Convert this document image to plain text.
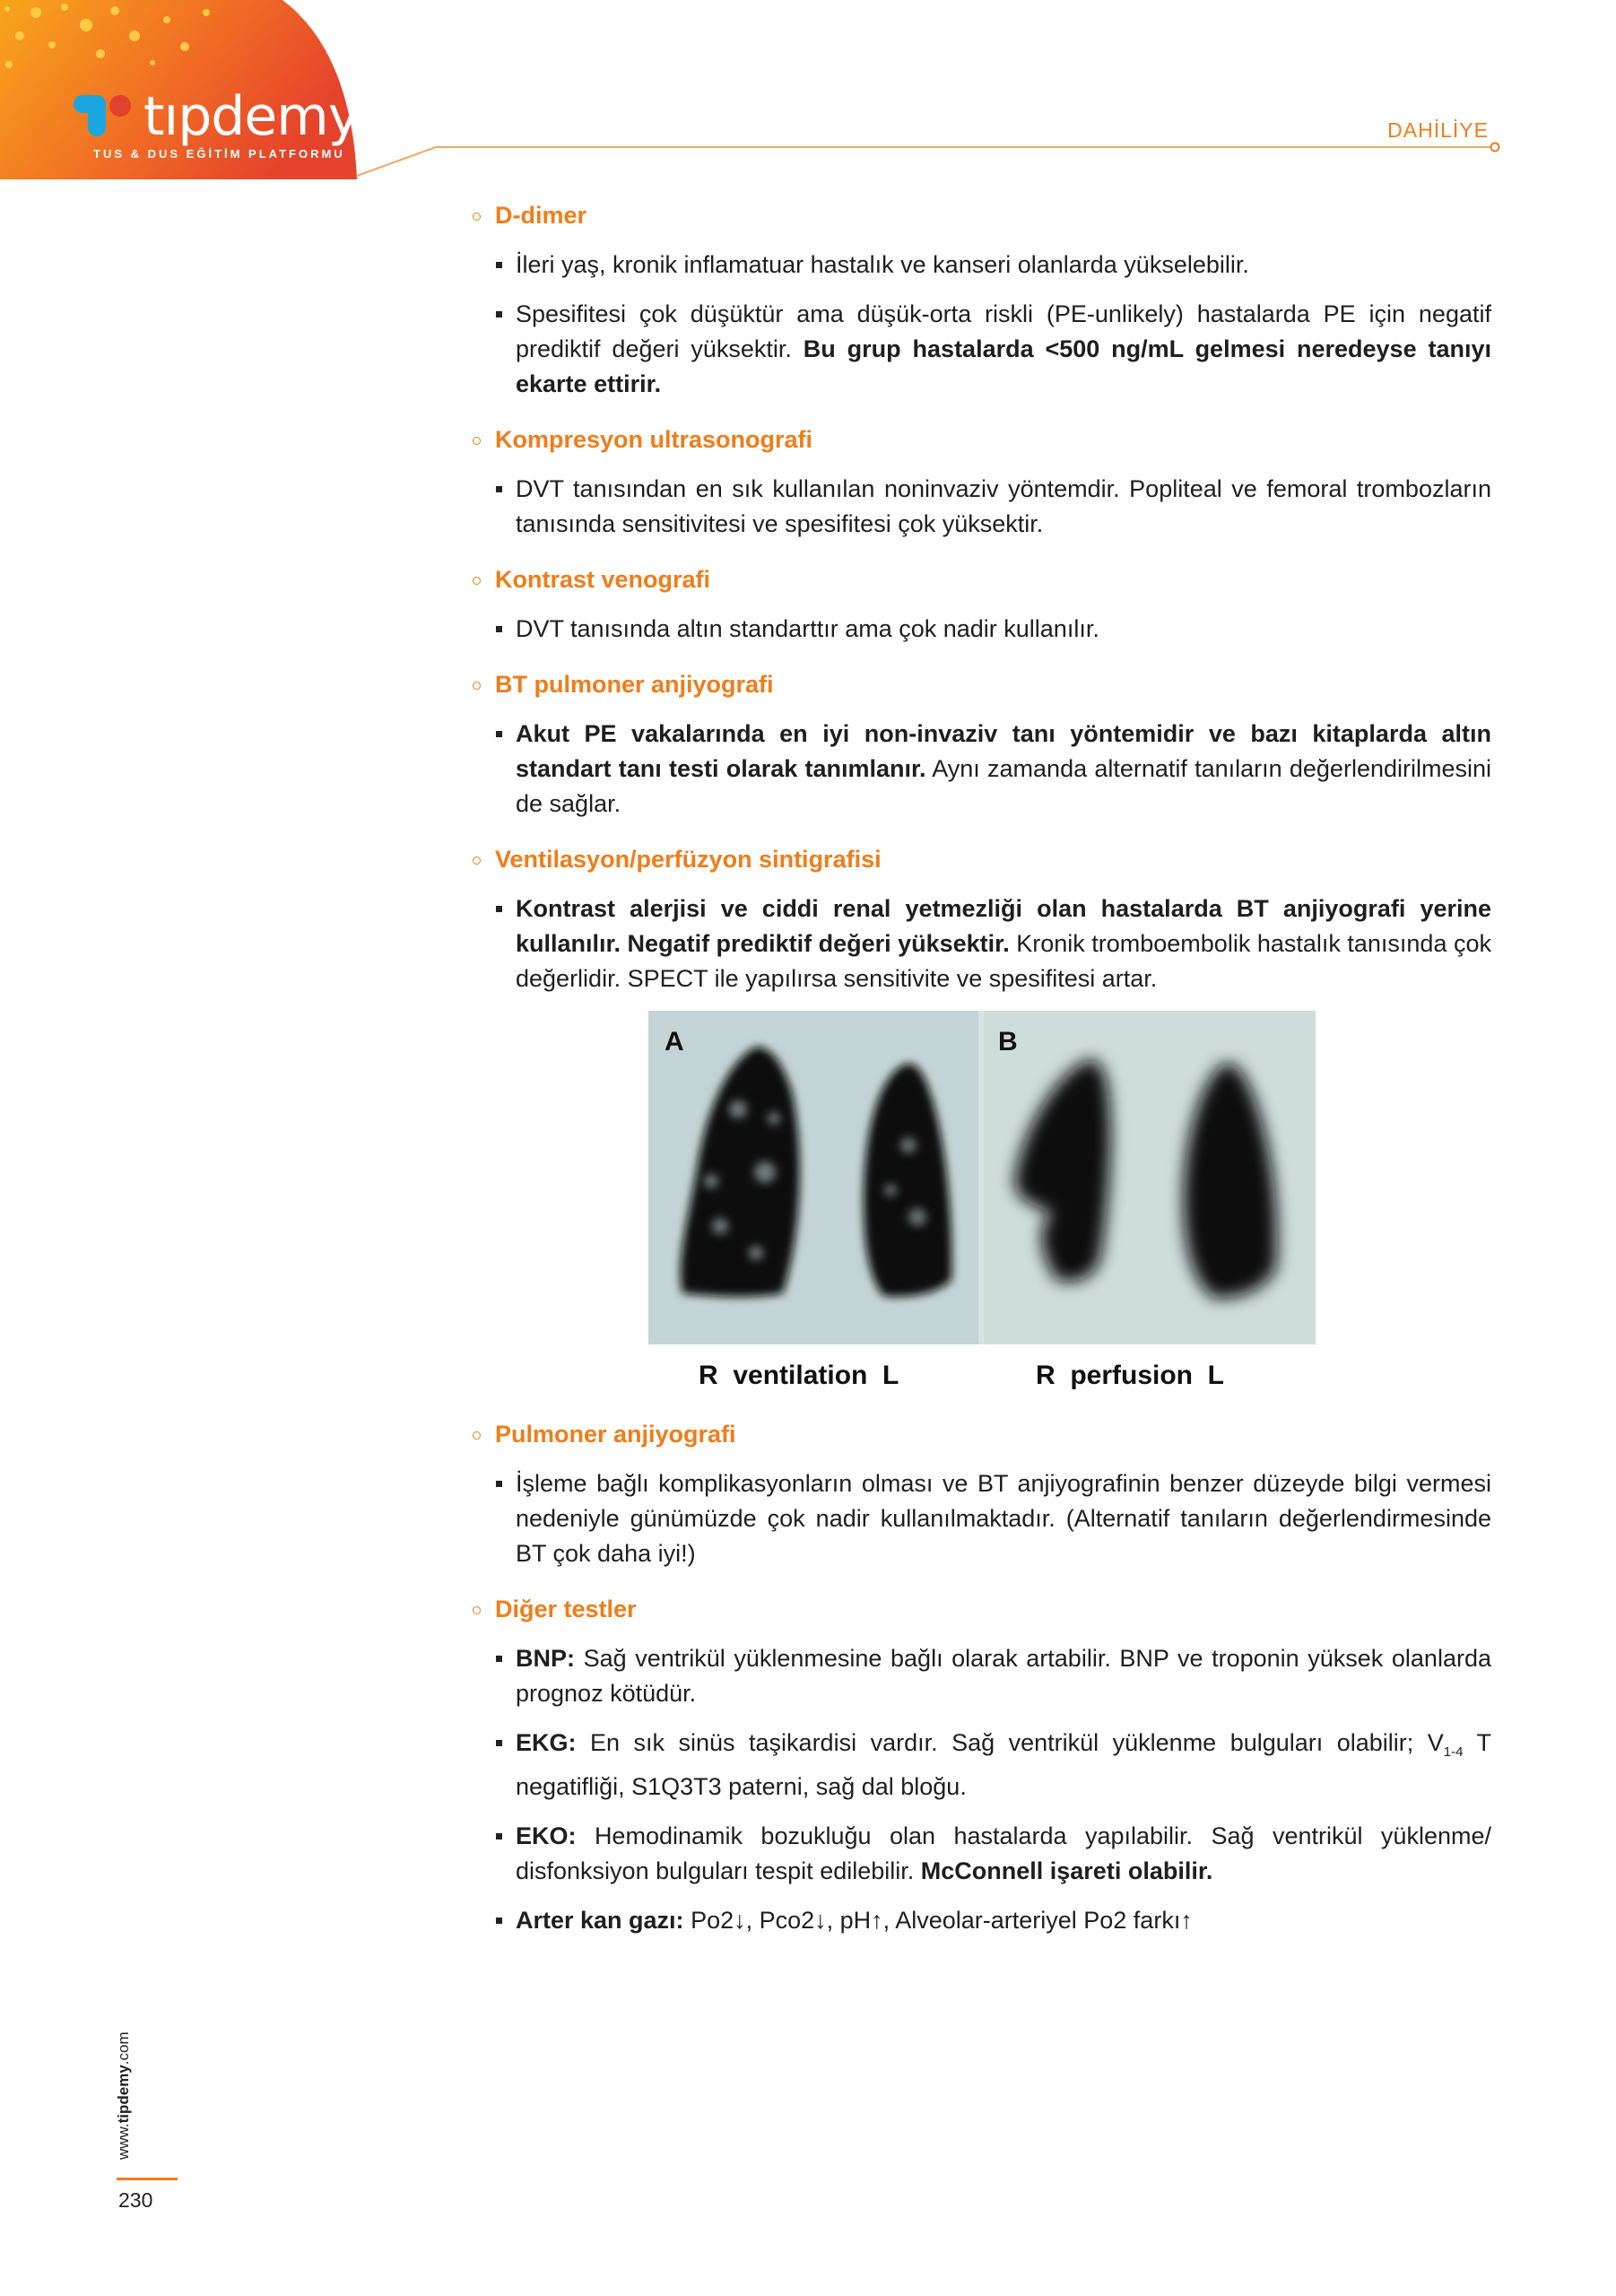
tıpdemy
TUS & DUS EĞİTİM PLATFORMU
DAHİLİYE
D-dimer
İleri yaş, kronik inflamatuar hastalık ve kanseri olanlarda yükselebilir.
Spesifitesi çok düşüktür ama düşük-orta riskli (PE-unlikely) hastalarda PE için negatif prediktif değeri yüksektir. Bu grup hastalarda <500 ng/mL gelmesi neredeyse tanıyı ekarte ettirir.
Kompresyon ultrasonografi
DVT tanısından en sık kullanılan noninvaziv yöntemdir. Popliteal ve femoral trombozların tanısında sensitivitesi ve spesifitesi çok yüksektir.
Kontrast venografi
DVT tanısında altın standarttır ama çok nadir kullanılır.
BT pulmoner anjiyografi
Akut PE vakalarında en iyi non-invaziv tanı yöntemidir ve bazı kitaplarda altın standart tanı testi olarak tanımlanır. Aynı zamanda alternatif tanıların değerlendirilmesini de sağlar.
Ventilasyon/perfüzyon sintigrafisi
Kontrast alerjisi ve ciddi renal yetmezliği olan hastalarda BT anjiyografi yerine kullanılır. Negatif prediktif değeri yüksektir. Kronik tromboembolik hastalık tanısında çok değerlidir. SPECT ile yapılırsa sensitivite ve spesifitesi artar.
A	B
R  ventilation  L	R  perfusion  L
Pulmoner anjiyografi
İşleme bağlı komplikasyonların olması ve BT anjiyografinin benzer düzeyde bilgi vermesi nedeniyle günümüzde çok nadir kullanılmaktadır. (Alternatif tanıların değerlendirmesinde BT çok daha iyi!)
Diğer testler
BNP: Sağ ventrikül yüklenmesine bağlı olarak artabilir. BNP ve troponin yüksek olanlarda prognoz kötüdür.
EKG: En sık sinüs taşikardisi vardır. Sağ ventrikül yüklenme bulguları olabilir; $V_{1-4}$ T negatifliği, S1Q3T3 paterni, sağ dal bloğu.
EKO: Hemodinamik bozukluğu olan hastalarda yapılabilir. Sağ ventrikül yüklenme/ disfonksiyon bulguları tespit edilebilir. McConnell işareti olabilir.
Arter kan gazı: Po2↓, Pco2↓, pH↑, Alveolar-arteriyel Po2 farkı↑
www.tipdemy.com
230
